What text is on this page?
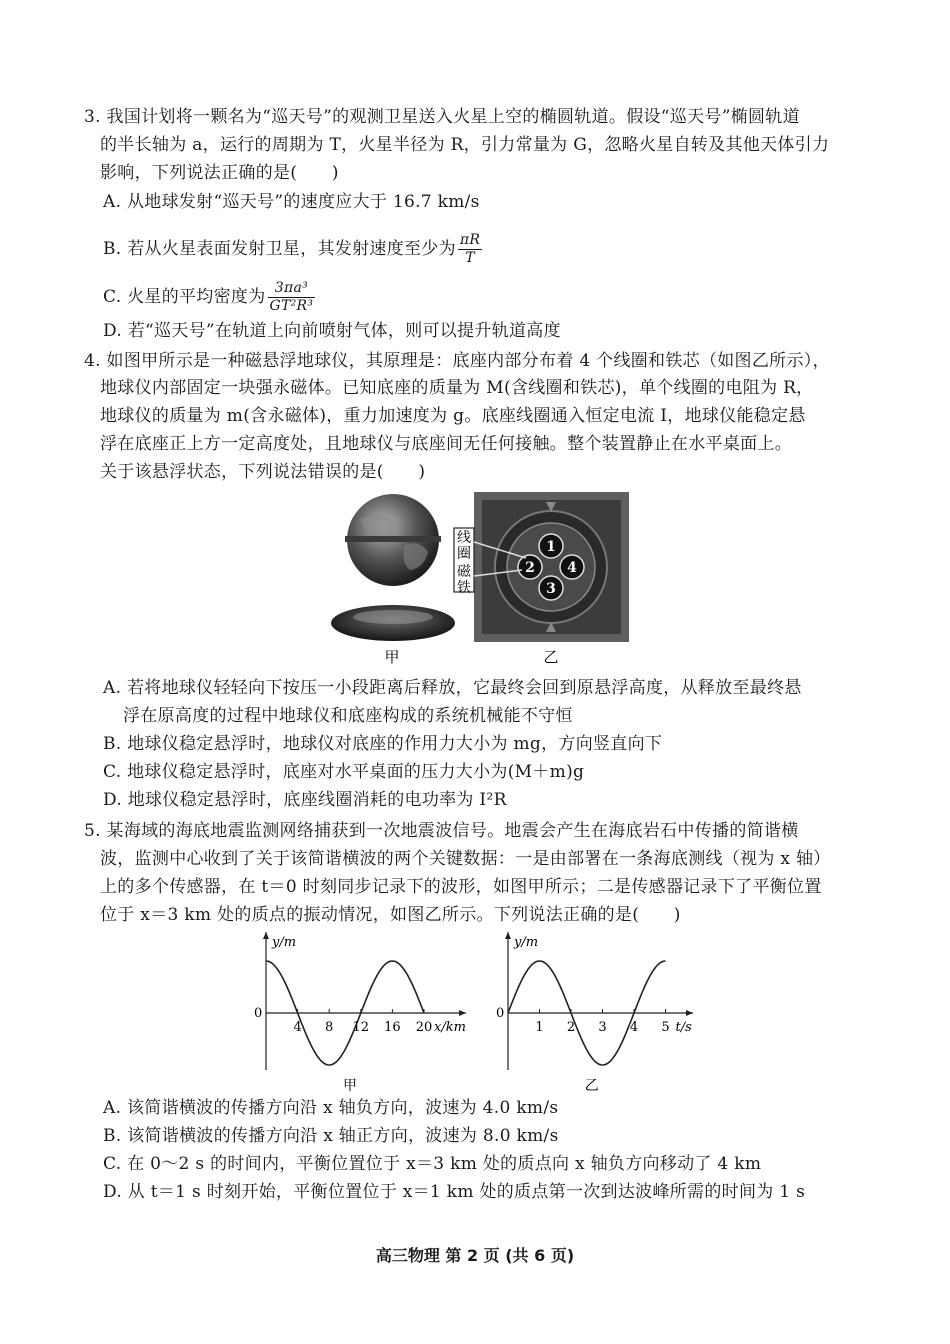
3. 我国计划将一颗名为“巡天号”的观测卫星送入火星上空的椭圆轨道。假设“巡天号”椭圆轨道
的半长轴为 a，运行的周期为 T，火星半径为 R，引力常量为 G，忽略火星自转及其他天体引力
影响，下列说法正确的是(　　)
A. 从地球发射“巡天号”的速度应大于 16.7 km/s
B. 若从火星表面发射卫星，其发射速度至少为 $\frac{\pi R}{T}$
C. 火星的平均密度为 $\frac{\text{3πa³}}{\text{GT²R³}}$
D. 若“巡天号”在轨道上向前喷射气体，则可以提升轨道高度
4. 如图甲所示是一种磁悬浮地球仪，其原理是：底座内部分布着 4 个线圈和铁芯（如图乙所示），
地球仪内部固定一块强永磁体。已知底座的质量为 M(含线圈和铁芯)，单个线圈的电阻为 R，
地球仪的质量为 m(含永磁体)，重力加速度为 g。底座线圈通入恒定电流 I，地球仪能稳定悬
浮在底座正上方一定高度处，且地球仪与底座间无任何接触。整个装置静止在水平桌面上。
关于该悬浮状态，下列说法错误的是(　　)
甲
1
2
3
4
线圈
磁铁
乙
A. 若将地球仪轻轻向下按压一小段距离后释放，它最终会回到原悬浮高度，从释放至最终悬
浮在原高度的过程中地球仪和底座构成的系统机械能不守恒
B. 地球仪稳定悬浮时，地球仪对底座的作用力大小为 mg，方向竖直向下
C. 地球仪稳定悬浮时，底座对水平桌面的压力大小为(M＋m)g
D. 地球仪稳定悬浮时，底座线圈消耗的电功率为 I²R
5. 某海域的海底地震监测网络捕获到一次地震波信号。地震会产生在海底岩石中传播的简谐横
波，监测中心收到了关于该简谐横波的两个关键数据：一是由部署在一条海底测线（视为 x 轴）
上的多个传感器，在 t＝0 时刻同步记录下的波形，如图甲所示；二是传感器记录下了平衡位置
位于 x＝3 km 处的质点的振动情况，如图乙所示。下列说法正确的是(　　)
y/m
0
4 8 12 16 20 x/km
甲
y/m
0
1 2 3 4 5 t/s
乙
A. 该简谐横波的传播方向沿 x 轴负方向，波速为 4.0 km/s
B. 该简谐横波的传播方向沿 x 轴正方向，波速为 8.0 km/s
C. 在 0～2 s 的时间内，平衡位置位于 x＝3 km 处的质点向 x 轴负方向移动了 4 km
D. 从 t＝1 s 时刻开始，平衡位置位于 x＝1 km 处的质点第一次到达波峰所需的时间为 1 s
高三物理 第 2 页 (共 6 页)
